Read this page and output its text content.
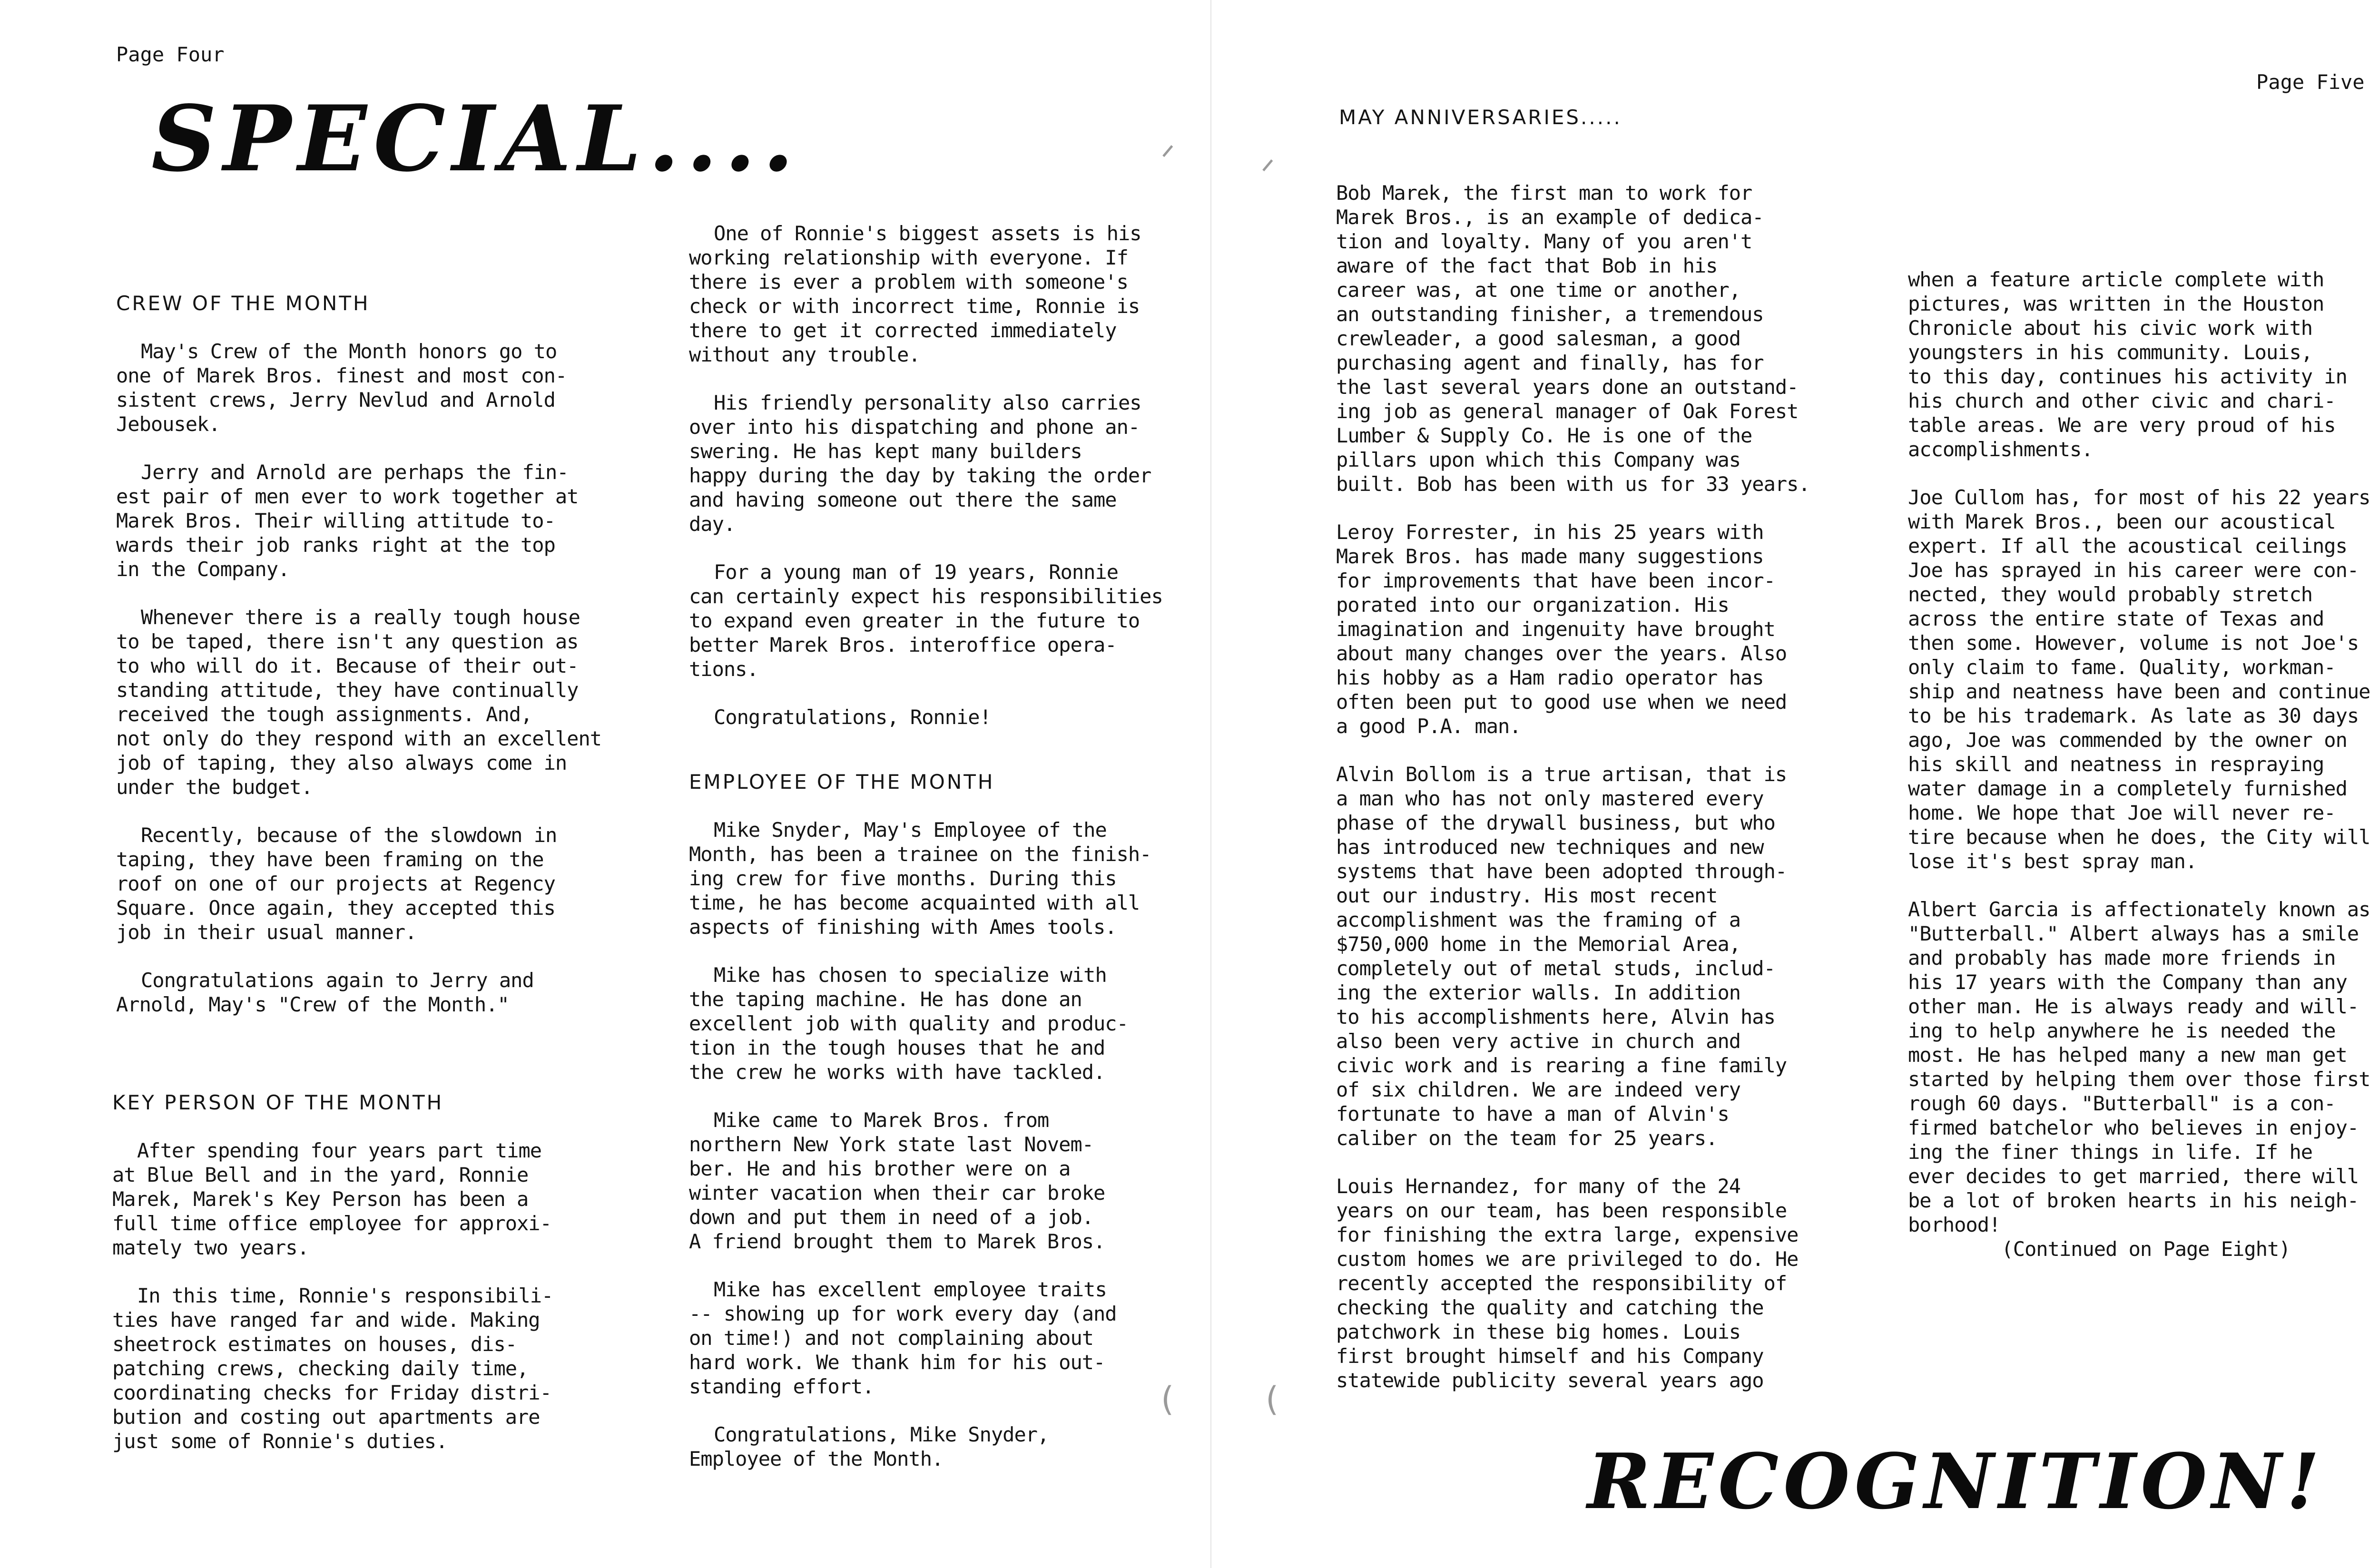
ᐟ	ᐟ
(	(
Page Four
SPECIAL....

CREW OF THE MONTH

May's Crew of the Month honors go to
one of Marek Bros. finest and most con-
sistent crews, Jerry Nevlud and Arnold
Jebousek.

Jerry and Arnold are perhaps the fin-
est pair of men ever to work together at
Marek Bros. Their willing attitude to-
wards their job ranks right at the top
in the Company.

Whenever there is a really tough house
to be taped, there isn't any question as
to who will do it. Because of their out-
standing attitude, they have continually
received the tough assignments. And,
not only do they respond with an excellent
job of taping, they also always come in
under the budget.

Recently, because of the slowdown in
taping, they have been framing on the
roof on one of our projects at Regency
Square. Once again, they accepted this
job in their usual manner.

Congratulations again to Jerry and
Arnold, May's "Crew of the Month."

KEY PERSON OF THE MONTH

After spending four years part time
at Blue Bell and in the yard, Ronnie
Marek, Marek's Key Person has been a
full time office employee for approxi-
mately two years.

In this time, Ronnie's responsibili-
ties have ranged far and wide. Making
sheetrock estimates on houses, dis-
patching crews, checking daily time,
coordinating checks for Friday distri-
bution and costing out apartments are
just some of Ronnie's duties.

One of Ronnie's biggest assets is his
working relationship with everyone. If
there is ever a problem with someone's
check or with incorrect time, Ronnie is
there to get it corrected immediately
without any trouble.

His friendly personality also carries
over into his dispatching and phone an-
swering. He has kept many builders
happy during the day by taking the order
and having someone out there the same
day.

For a young man of 19 years, Ronnie
can certainly expect his responsibilities
to expand even greater in the future to
better Marek Bros. interoffice opera-
tions.

Congratulations, Ronnie!

EMPLOYEE OF THE MONTH

Mike Snyder, May's Employee of the
Month, has been a trainee on the finish-
ing crew for five months. During this
time, he has become acquainted with all
aspects of finishing with Ames tools.

Mike has chosen to specialize with
the taping machine. He has done an
excellent job with quality and produc-
tion in the tough houses that he and
the crew he works with have tackled.

Mike came to Marek Bros. from
northern New York state last Novem-
ber. He and his brother were on a
winter vacation when their car broke
down and put them in need of a job.
A friend brought them to Marek Bros.

Mike has excellent employee traits
-- showing up for work every day (and
on time!) and not complaining about
hard work. We thank him for his out-
standing effort.

Congratulations, Mike Snyder,
Employee of the Month.

Page Five
MAY ANNIVERSARIES.....

Bob Marek, the first man to work for
Marek Bros., is an example of dedica-
tion and loyalty. Many of you aren't
aware of the fact that Bob in his
career was, at one time or another,
an outstanding finisher, a tremendous
crewleader, a good salesman, a good
purchasing agent and finally, has for
the last several years done an outstand-
ing job as general manager of Oak Forest
Lumber & Supply Co. He is one of the
pillars upon which this Company was
built. Bob has been with us for 33 years.

Leroy Forrester, in his 25 years with
Marek Bros. has made many suggestions
for improvements that have been incor-
porated into our organization. His
imagination and ingenuity have brought
about many changes over the years. Also
his hobby as a Ham radio operator has
often been put to good use when we need
a good P.A. man.

Alvin Bollom is a true artisan, that is
a man who has not only mastered every
phase of the drywall business, but who
has introduced new techniques and new
systems that have been adopted through-
out our industry. His most recent
accomplishment was the framing of a
$750,000 home in the Memorial Area,
completely out of metal studs, includ-
ing the exterior walls. In addition
to his accomplishments here, Alvin has
also been very active in church and
civic work and is rearing a fine family
of six children. We are indeed very
fortunate to have a man of Alvin's
caliber on the team for 25 years.

Louis Hernandez, for many of the 24
years on our team, has been responsible
for finishing the extra large, expensive
custom homes we are privileged to do. He
recently accepted the responsibility of
checking the quality and catching the
patchwork in these big homes. Louis
first brought himself and his Company
statewide publicity several years ago

when a feature article complete with
pictures, was written in the Houston
Chronicle about his civic work with
youngsters in his community. Louis,
to this day, continues his activity in
his church and other civic and chari-
table areas. We are very proud of his
accomplishments.

Joe Cullom has, for most of his 22 years
with Marek Bros., been our acoustical
expert. If all the acoustical ceilings
Joe has sprayed in his career were con-
nected, they would probably stretch
across the entire state of Texas and
then some. However, volume is not Joe's
only claim to fame. Quality, workman-
ship and neatness have been and continue
to be his trademark. As late as 30 days
ago, Joe was commended by the owner on
his skill and neatness in respraying
water damage in a completely furnished
home. We hope that Joe will never re-
tire because when he does, the City will
lose it's best spray man.

Albert Garcia is affectionately known as
"Butterball." Albert always has a smile
and probably has made more friends in
his 17 years with the Company than any
other man. He is always ready and will-
ing to help anywhere he is needed the
most. He has helped many a new man get
started by helping them over those first
rough 60 days. "Butterball" is a con-
firmed batchelor who believes in enjoy-
ing the finer things in life. If he
ever decides to get married, there will
be a lot of broken hearts in his neigh-
borhood!

(Continued on Page Eight)
RECOGNITION!
